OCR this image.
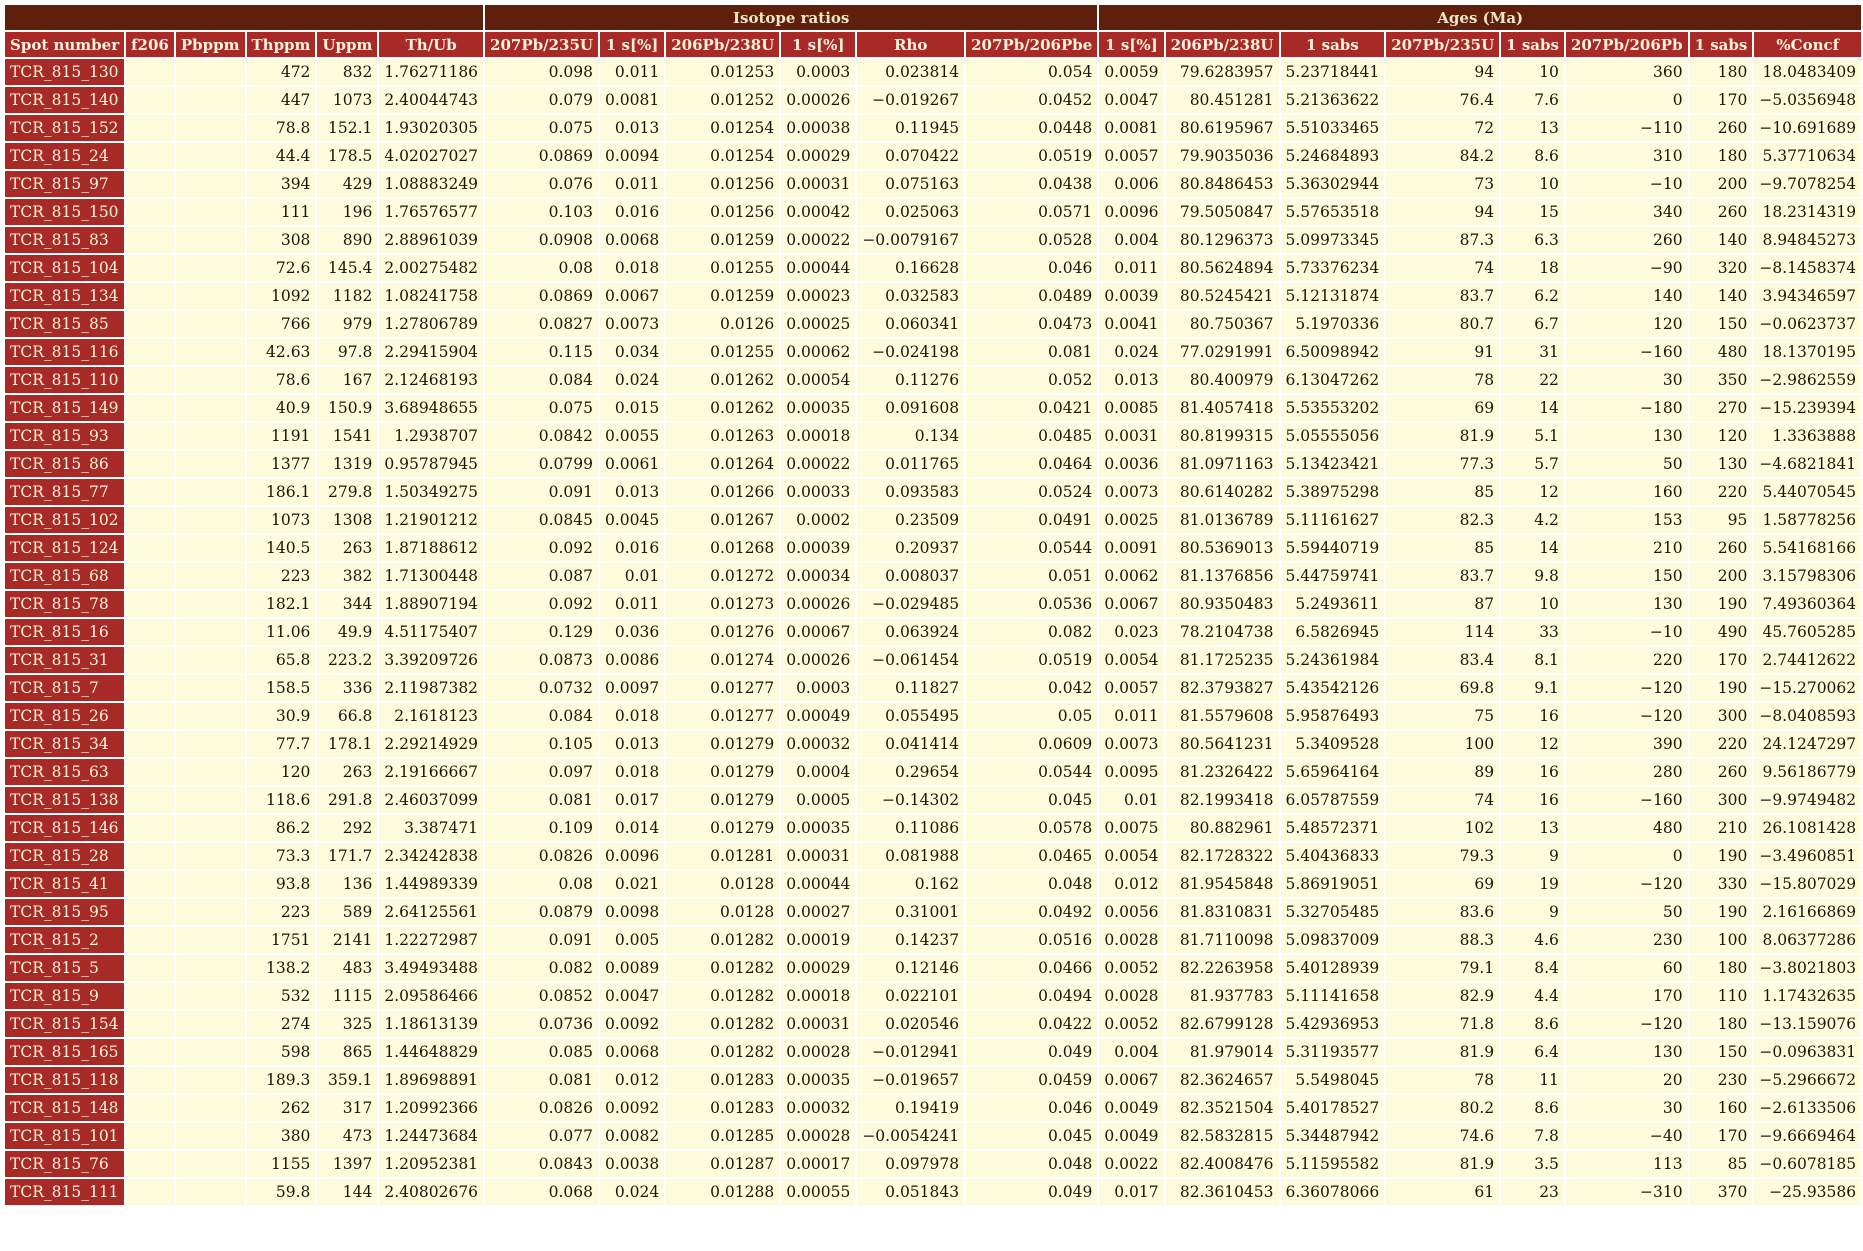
						Isotope ratios						Ages (Ma)							
Spot number	f206	Pbppm	Thppm	Uppm	Th/Ub	207Pb/235U	1 s[%]	206Pb/238U	1 s[%]	Rho	207Pb/206Pbe	1 s[%]	206Pb/238U	1 sabs	207Pb/235U	1 sabs	207Pb/206Pb	1 sabs	%Concf
TCR_815_130			472	832	1.76271186	0.098	0.011	0.01253	0.0003	0.023814	0.054	0.0059	79.6283957	5.23718441	94	10	360	180	18.0483409
TCR_815_140			447	1073	2.40044743	0.079	0.0081	0.01252	0.00026	−0.019267	0.0452	0.0047	80.451281	5.21363622	76.4	7.6	0	170	−5.0356948
TCR_815_152			78.8	152.1	1.93020305	0.075	0.013	0.01254	0.00038	0.11945	0.0448	0.0081	80.6195967	5.51033465	72	13	−110	260	−10.691689
TCR_815_24			44.4	178.5	4.02027027	0.0869	0.0094	0.01254	0.00029	0.070422	0.0519	0.0057	79.9035036	5.24684893	84.2	8.6	310	180	5.37710634
TCR_815_97			394	429	1.08883249	0.076	0.011	0.01256	0.00031	0.075163	0.0438	0.006	80.8486453	5.36302944	73	10	−10	200	−9.7078254
TCR_815_150			111	196	1.76576577	0.103	0.016	0.01256	0.00042	0.025063	0.0571	0.0096	79.5050847	5.57653518	94	15	340	260	18.2314319
TCR_815_83			308	890	2.88961039	0.0908	0.0068	0.01259	0.00022	−0.0079167	0.0528	0.004	80.1296373	5.09973345	87.3	6.3	260	140	8.94845273
TCR_815_104			72.6	145.4	2.00275482	0.08	0.018	0.01255	0.00044	0.16628	0.046	0.011	80.5624894	5.73376234	74	18	−90	320	−8.1458374
TCR_815_134			1092	1182	1.08241758	0.0869	0.0067	0.01259	0.00023	0.032583	0.0489	0.0039	80.5245421	5.12131874	83.7	6.2	140	140	3.94346597
TCR_815_85			766	979	1.27806789	0.0827	0.0073	0.0126	0.00025	0.060341	0.0473	0.0041	80.750367	5.1970336	80.7	6.7	120	150	−0.0623737
TCR_815_116			42.63	97.8	2.29415904	0.115	0.034	0.01255	0.00062	−0.024198	0.081	0.024	77.0291991	6.50098942	91	31	−160	480	18.1370195
TCR_815_110			78.6	167	2.12468193	0.084	0.024	0.01262	0.00054	0.11276	0.052	0.013	80.400979	6.13047262	78	22	30	350	−2.9862559
TCR_815_149			40.9	150.9	3.68948655	0.075	0.015	0.01262	0.00035	0.091608	0.0421	0.0085	81.4057418	5.53553202	69	14	−180	270	−15.239394
TCR_815_93			1191	1541	1.2938707	0.0842	0.0055	0.01263	0.00018	0.134	0.0485	0.0031	80.8199315	5.05555056	81.9	5.1	130	120	1.3363888
TCR_815_86			1377	1319	0.95787945	0.0799	0.0061	0.01264	0.00022	0.011765	0.0464	0.0036	81.0971163	5.13423421	77.3	5.7	50	130	−4.6821841
TCR_815_77			186.1	279.8	1.50349275	0.091	0.013	0.01266	0.00033	0.093583	0.0524	0.0073	80.6140282	5.38975298	85	12	160	220	5.44070545
TCR_815_102			1073	1308	1.21901212	0.0845	0.0045	0.01267	0.0002	0.23509	0.0491	0.0025	81.0136789	5.11161627	82.3	4.2	153	95	1.58778256
TCR_815_124			140.5	263	1.87188612	0.092	0.016	0.01268	0.00039	0.20937	0.0544	0.0091	80.5369013	5.59440719	85	14	210	260	5.54168166
TCR_815_68			223	382	1.71300448	0.087	0.01	0.01272	0.00034	0.008037	0.051	0.0062	81.1376856	5.44759741	83.7	9.8	150	200	3.15798306
TCR_815_78			182.1	344	1.88907194	0.092	0.011	0.01273	0.00026	−0.029485	0.0536	0.0067	80.9350483	5.2493611	87	10	130	190	7.49360364
TCR_815_16			11.06	49.9	4.51175407	0.129	0.036	0.01276	0.00067	0.063924	0.082	0.023	78.2104738	6.5826945	114	33	−10	490	45.7605285
TCR_815_31			65.8	223.2	3.39209726	0.0873	0.0086	0.01274	0.00026	−0.061454	0.0519	0.0054	81.1725235	5.24361984	83.4	8.1	220	170	2.74412622
TCR_815_7			158.5	336	2.11987382	0.0732	0.0097	0.01277	0.0003	0.11827	0.042	0.0057	82.3793827	5.43542126	69.8	9.1	−120	190	−15.270062
TCR_815_26			30.9	66.8	2.1618123	0.084	0.018	0.01277	0.00049	0.055495	0.05	0.011	81.5579608	5.95876493	75	16	−120	300	−8.0408593
TCR_815_34			77.7	178.1	2.29214929	0.105	0.013	0.01279	0.00032	0.041414	0.0609	0.0073	80.5641231	5.3409528	100	12	390	220	24.1247297
TCR_815_63			120	263	2.19166667	0.097	0.018	0.01279	0.0004	0.29654	0.0544	0.0095	81.2326422	5.65964164	89	16	280	260	9.56186779
TCR_815_138			118.6	291.8	2.46037099	0.081	0.017	0.01279	0.0005	−0.14302	0.045	0.01	82.1993418	6.05787559	74	16	−160	300	−9.9749482
TCR_815_146			86.2	292	3.387471	0.109	0.014	0.01279	0.00035	0.11086	0.0578	0.0075	80.882961	5.48572371	102	13	480	210	26.1081428
TCR_815_28			73.3	171.7	2.34242838	0.0826	0.0096	0.01281	0.00031	0.081988	0.0465	0.0054	82.1728322	5.40436833	79.3	9	0	190	−3.4960851
TCR_815_41			93.8	136	1.44989339	0.08	0.021	0.0128	0.00044	0.162	0.048	0.012	81.9545848	5.86919051	69	19	−120	330	−15.807029
TCR_815_95			223	589	2.64125561	0.0879	0.0098	0.0128	0.00027	0.31001	0.0492	0.0056	81.8310831	5.32705485	83.6	9	50	190	2.16166869
TCR_815_2			1751	2141	1.22272987	0.091	0.005	0.01282	0.00019	0.14237	0.0516	0.0028	81.7110098	5.09837009	88.3	4.6	230	100	8.06377286
TCR_815_5			138.2	483	3.49493488	0.082	0.0089	0.01282	0.00029	0.12146	0.0466	0.0052	82.2263958	5.40128939	79.1	8.4	60	180	−3.8021803
TCR_815_9			532	1115	2.09586466	0.0852	0.0047	0.01282	0.00018	0.022101	0.0494	0.0028	81.937783	5.11141658	82.9	4.4	170	110	1.17432635
TCR_815_154			274	325	1.18613139	0.0736	0.0092	0.01282	0.00031	0.020546	0.0422	0.0052	82.6799128	5.42936953	71.8	8.6	−120	180	−13.159076
TCR_815_165			598	865	1.44648829	0.085	0.0068	0.01282	0.00028	−0.012941	0.049	0.004	81.979014	5.31193577	81.9	6.4	130	150	−0.0963831
TCR_815_118			189.3	359.1	1.89698891	0.081	0.012	0.01283	0.00035	−0.019657	0.0459	0.0067	82.3624657	5.5498045	78	11	20	230	−5.2966672
TCR_815_148			262	317	1.20992366	0.0826	0.0092	0.01283	0.00032	0.19419	0.046	0.0049	82.3521504	5.40178527	80.2	8.6	30	160	−2.6133506
TCR_815_101			380	473	1.24473684	0.077	0.0082	0.01285	0.00028	−0.0054241	0.045	0.0049	82.5832815	5.34487942	74.6	7.8	−40	170	−9.6669464
TCR_815_76			1155	1397	1.20952381	0.0843	0.0038	0.01287	0.00017	0.097978	0.048	0.0022	82.4008476	5.11595582	81.9	3.5	113	85	−0.6078185
TCR_815_111			59.8	144	2.40802676	0.068	0.024	0.01288	0.00055	0.051843	0.049	0.017	82.3610453	6.36078066	61	23	−310	370	−25.93586
